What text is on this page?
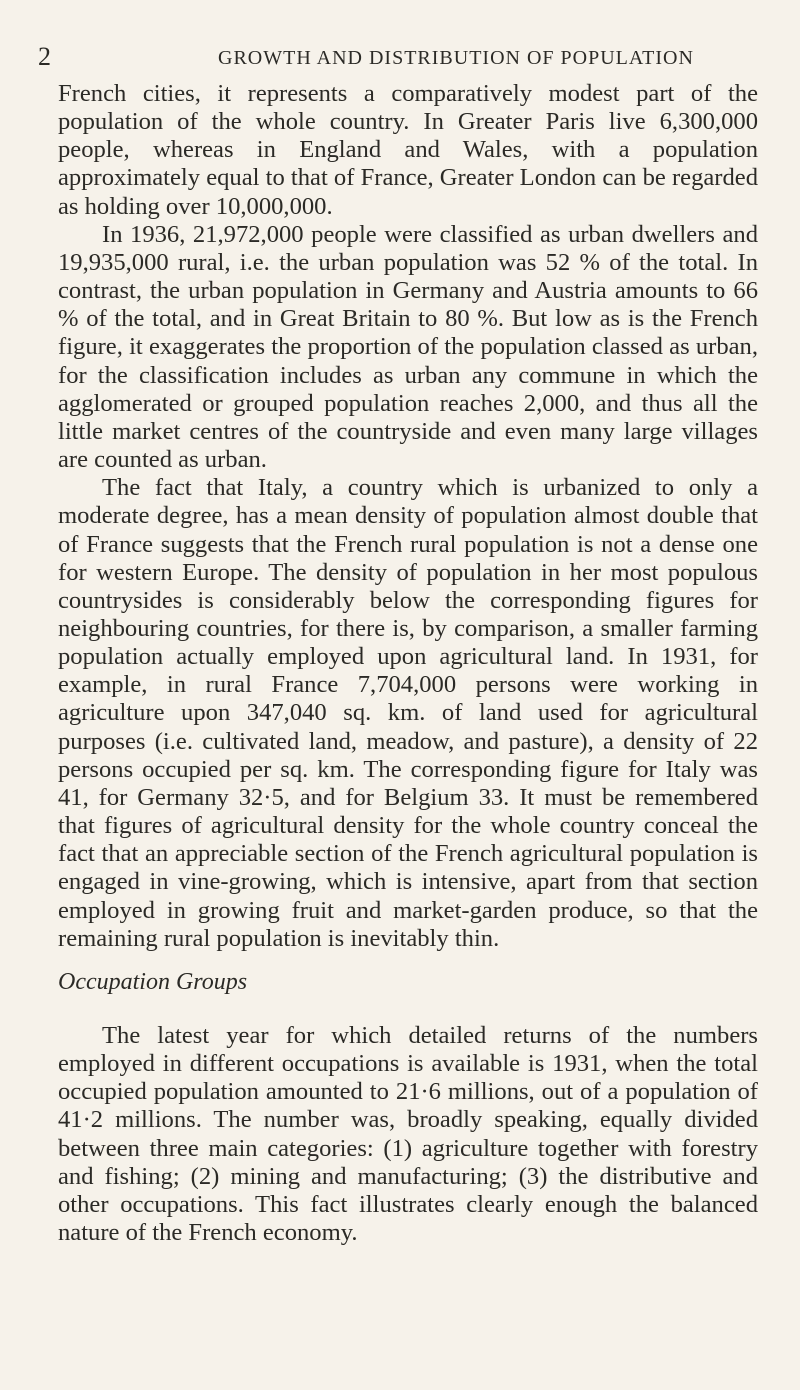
2	GROWTH AND DISTRIBUTION OF POPULATION

French cities, it represents a comparatively modest part of the population of the whole country. In Greater Paris live 6,300,000 people, whereas in England and Wales, with a population approximately equal to that of France, Greater London can be regarded as holding over 10,000,000.

In 1936, 21,972,000 people were classified as urban dwellers and 19,935,000 rural, i.e. the urban population was 52 % of the total. In contrast, the urban population in Germany and Austria amounts to 66 % of the total, and in Great Britain to 80 %. But low as is the French figure, it exaggerates the proportion of the population classed as urban, for the classification includes as urban any commune in which the agglomerated or grouped population reaches 2,000, and thus all the little market centres of the countryside and even many large villages are counted as urban.

The fact that Italy, a country which is urbanized to only a moderate degree, has a mean density of population almost double that of France suggests that the French rural population is not a dense one for western Europe. The density of population in her most populous countrysides is considerably below the corresponding figures for neighbouring countries, for there is, by comparison, a smaller farming population actually employed upon agricultural land. In 1931, for example, in rural France 7,704,000 persons were working in agriculture upon 347,040 sq. km. of land used for agricultural purposes (i.e. cultivated land, meadow, and pasture), a density of 22 persons occupied per sq. km. The corresponding figure for Italy was 41, for Germany 32·5, and for Belgium 33. It must be remembered that figures of agricultural density for the whole country conceal the fact that an appreciable section of the French agricultural population is engaged in vine-growing, which is intensive, apart from that section employed in growing fruit and market-garden produce, so that the remaining rural population is inevitably thin.

Occupation Groups

The latest year for which detailed returns of the numbers employed in different occupations is available is 1931, when the total occupied population amounted to 21·6 millions, out of a population of 41·2 millions. The number was, broadly speaking, equally divided between three main categories: (1) agriculture together with forestry and fishing; (2) mining and manufacturing; (3) the distributive and other occupations. This fact illustrates clearly enough the balanced nature of the French economy.
